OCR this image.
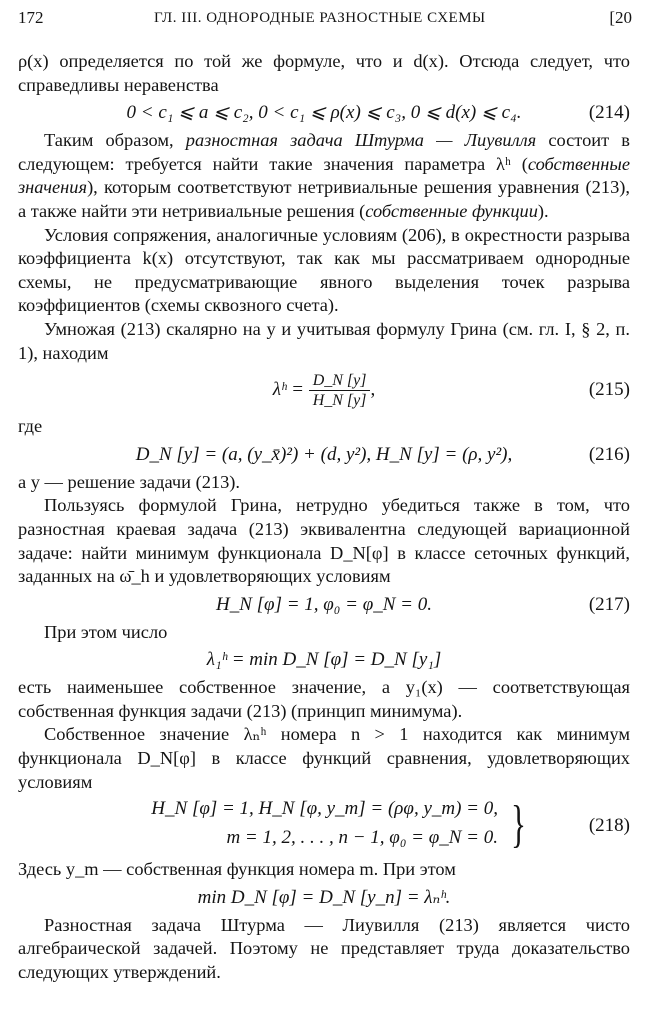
172	ГЛ. III. ОДНОРОДНЫЕ РАЗНОСТНЫЕ СХЕМЫ	[20

ρ(x) определяется по той же формуле, что и d(x). Отсюда следует, что справедливы неравенства

0 < c₁ ⩽ a ⩽ c₂, 0 < c₁ ⩽ ρ(x) ⩽ c₃, 0 ⩽ d(x) ⩽ c₄.	(214)

Таким образом, разностная задача Штурма — Лиувилля состоит в следующем: требуется найти такие значения параметра λʰ (собственные значения), которым соответствуют нетривиальные решения уравнения (213), а также найти эти нетривиальные решения (собственные функции).

Условия сопряжения, аналогичные условиям (206), в окрестности разрыва коэффициента k(x) отсутствуют, так как мы рассматриваем однородные схемы, не предусматривающие явного выделения точек разрыва коэффициентов (схемы сквозного счета).

Умножая (213) скалярно на y и учитывая формулу Грина (см. гл. I, § 2, п. 1), находим

λʰ = $\frac{D\_N [y]}{H\_N [y]}$ ,	(215)

где

D_N [y] = (a, (y_x̄)²) + (d, y²), H_N [y] = (ρ, y²),	(216)

а y — решение задачи (213).

Пользуясь формулой Грина, нетрудно убедиться также в том, что разностная краевая задача (213) эквивалентна следующей вариационной задаче: найти минимум функционала D_N[φ] в классе сеточных функций, заданных на ω̄_h и удовлетворяющих условиям

H_N [φ] = 1, φ₀ = φ_N = 0.	(217)

При этом число

λ₁ʰ = min D_N [φ] = D_N [y₁]

есть наименьшее собственное значение, а y₁(x) — соответствующая собственная функция задачи (213) (принцип минимума).

Собственное значение λₙʰ номера n > 1 находится как минимум функционала D_N[φ] в классе функций сравнения, удовлетворяющих условиям

H_N [φ] = 1, H_N [φ, y_m] = (ρφ, y_m) = 0,
m = 1, 2, . . . , n − 1, φ₀ = φ_N = 0. }	(218)

Здесь y_m — собственная функция номера m. При этом

min D_N [φ] = D_N [y_n] = λₙʰ.

Разностная задача Штурма — Лиувилля (213) является чисто алгебраической задачей. Поэтому не представляет труда доказательство следующих утверждений.
